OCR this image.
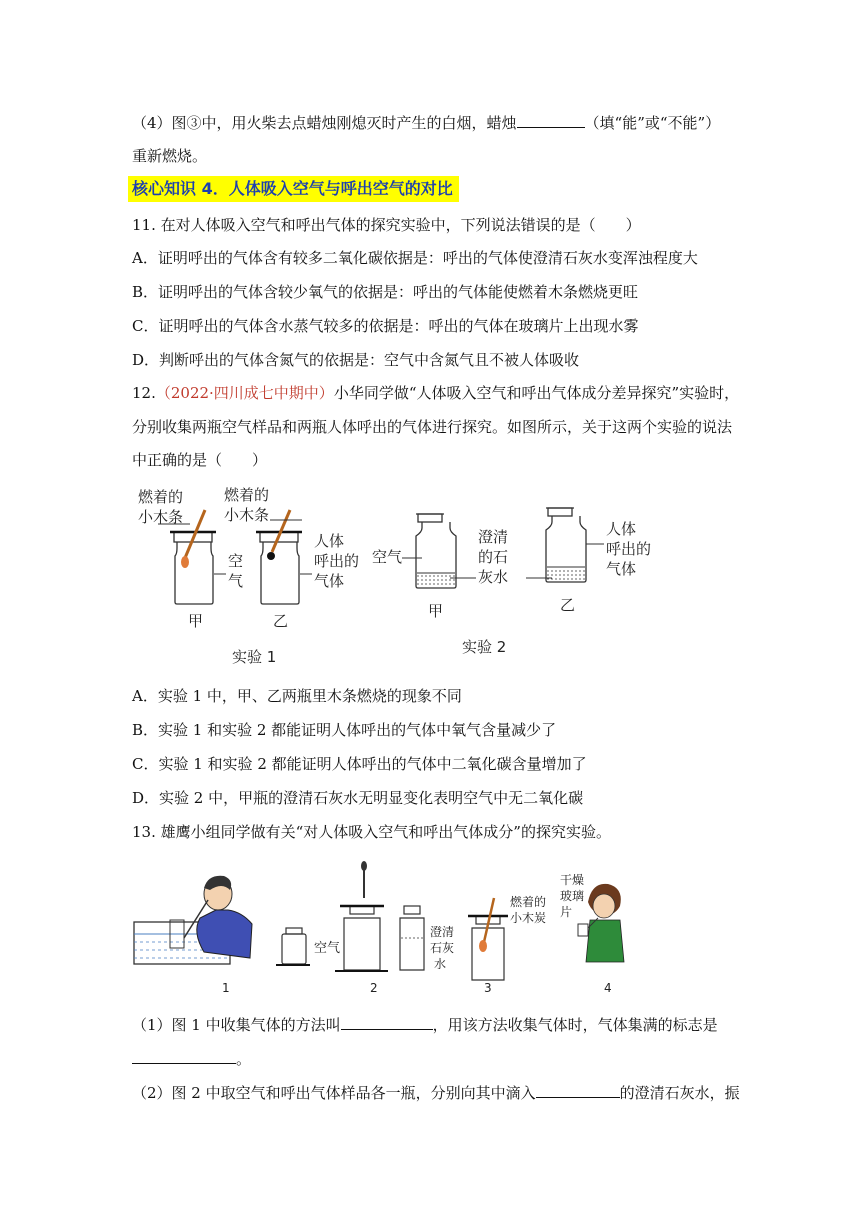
（4）图③中，用火柴去点蜡烛刚熄灭时产生的白烟，蜡烛	（填“能”或“不能”）
重新燃烧。
核心知识 4．人体吸入空气与呼出空气的对比
11. 在对人体吸入空气和呼出气体的探究实验中，下列说法错误的是（　　）
A．证明呼出的气体含有较多二氧化碳依据是：呼出的气体使澄清石灰水变浑浊程度大
B．证明呼出的气体含较少氧气的依据是：呼出的气体能使燃着木条燃烧更旺
C．证明呼出的气体含水蒸气较多的依据是：呼出的气体在玻璃片上出现水雾
D．判断呼出的气体含氮气的依据是：空气中含氮气且不被人体吸收
12.（2022·四川成七中期中）小华同学做“人体吸入空气和呼出气体成分差异探究”实验时，
分别收集两瓶空气样品和两瓶人体呼出的气体进行探究。如图所示，关于这两个实验的说法
中正确的是（　　）
燃着的
小木条
空
气
甲
燃着的
小木条
人体
呼出的
气体
乙
实验 1
空气
澄清
的石
灰水
甲
人体
呼出的
气体
乙
实验 2
A．实验 1 中，甲、乙两瓶里木条燃烧的现象不同
B．实验 1 和实验 2 都能证明人体呼出的气体中氧气含量减少了
C．实验 1 和实验 2 都能证明人体呼出的气体中二氧化碳含量增加了
D．实验 2 中，甲瓶的澄清石灰水无明显变化表明空气中无二氧化碳
13. 雄鹰小组同学做有关“对人体吸入空气和呼出气体成分”的探究实验。
1
空气
2
澄清
石灰
水
燃着的
小木炭
3
干燥
玻璃
片
4
（1）图 1 中收集气体的方法叫	，用该方法收集气体时，气体集满的标志是
。
（2）图 2 中取空气和呼出气体样品各一瓶，分别向其中滴入	的澄清石灰水，振
